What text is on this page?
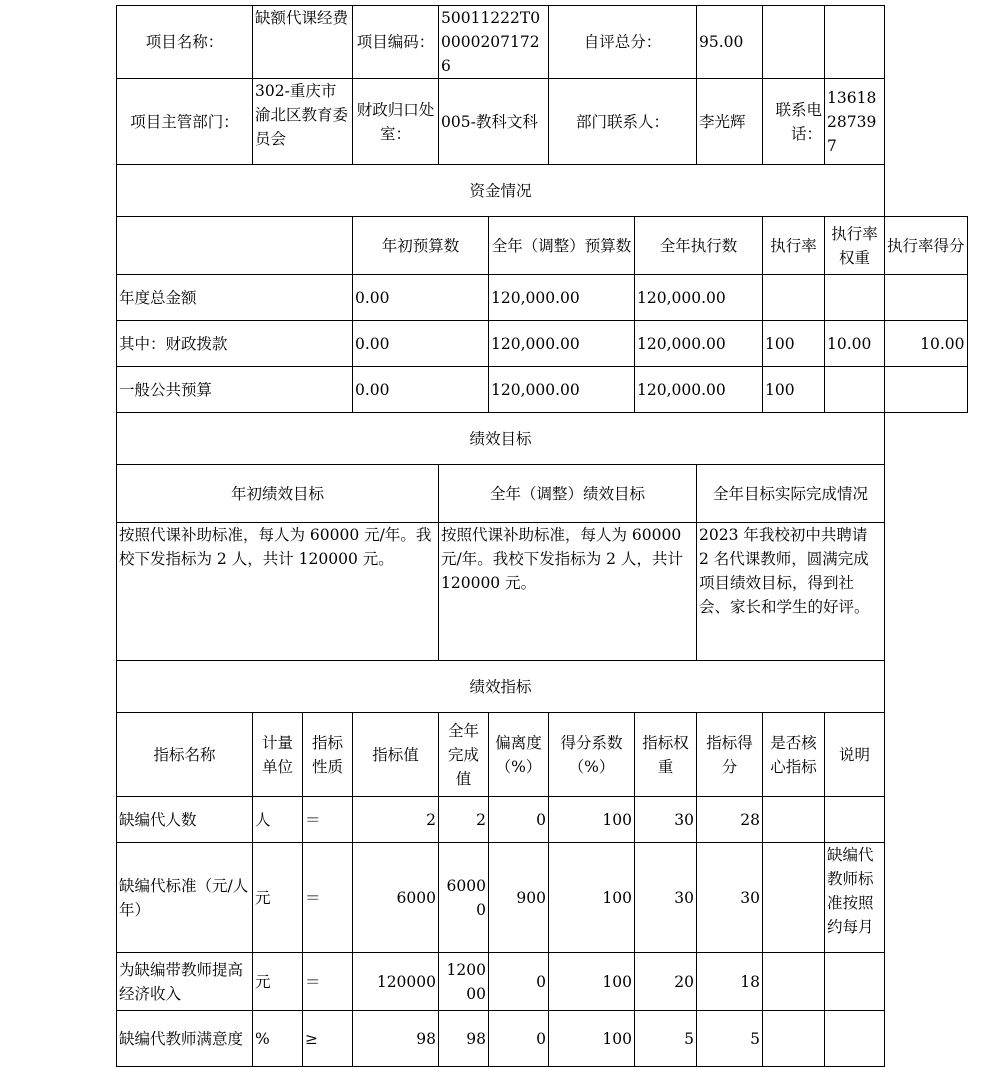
项目名称：	缺额代课经费		项目编码：	50011222T000002071726		自评总分：		95.00			
项目主管部门：	302-重庆市渝北区教育委员会		财政归口处室：	005-教科文科		部门联系人：		李光辉	联系电话：	13618287397	
资金情况											
			年初预算数		全年（调整）预算数		全年执行数		执行率	执行率权重	执行率得分
年度总金额			0.00		120,000.00		120,000.00				
其中：财政拨款			0.00		120,000.00		120,000.00		100	10.00	10.00
一般公共预算			0.00		120,000.00		120,000.00		100		
绩效目标											
年初绩效目标				全年（调整）绩效目标				全年目标实际完成情况			
按照代课补助标准，每人为 60000 元/年。我校下发指标为 2 人，共计 120000 元。				按照代课补助标准，每人为 60000 元/年。我校下发指标为 2 人，共计 120000 元。				2023 年我校初中共聘请 2 名代课教师，圆满完成项目绩效目标，得到社会、家长和学生的好评。			
绩效指标											
指标名称	计量单位	指标性质	指标值	全年完成值	偏离度（%）	得分系数（%）	指标权重	指标得分	是否核心指标	说明	
缺编代人数	人	＝	2	2	0	100	30	28			
缺编代标准（元/人年）	元	＝	6000	60000	900	100	30	30		缺编代教师标准按照约每月	
为缺编带教师提高经济收入	元	＝	120000	120000	0	100	20	18			
缺编代教师满意度	%	≥	98	98	0	100	5	5			
